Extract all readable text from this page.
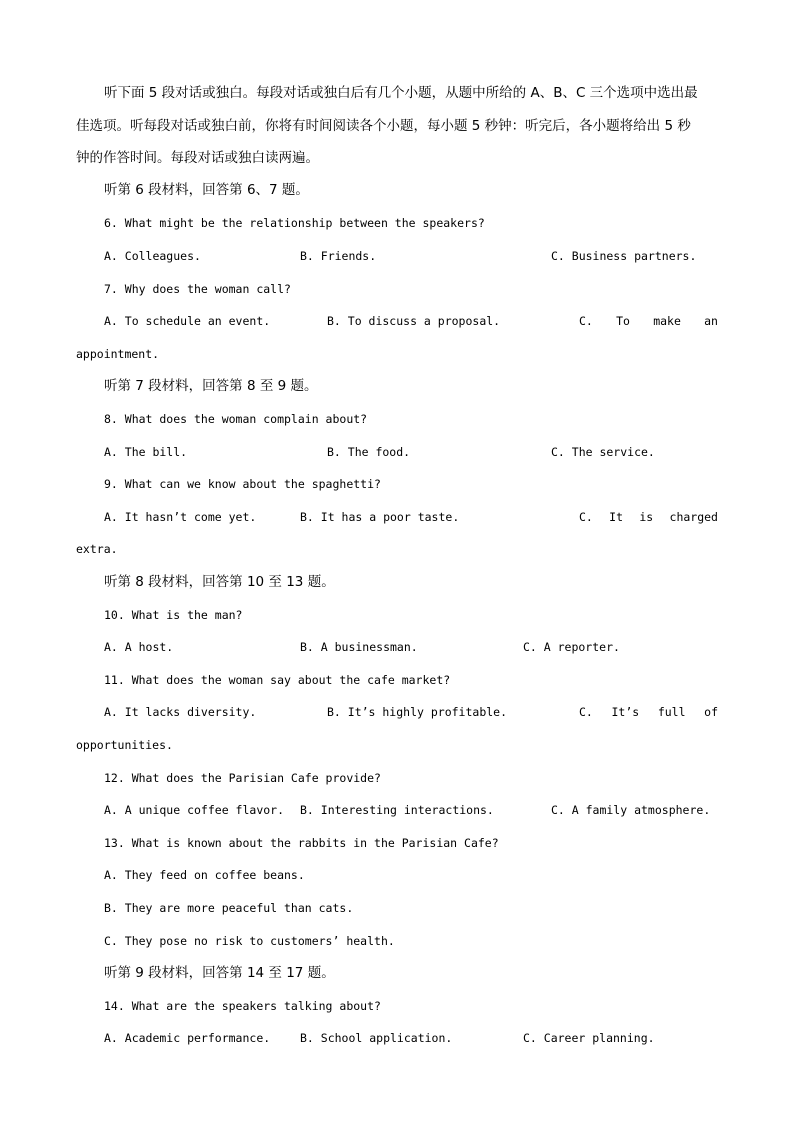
听下面 5 段对话或独白。每段对话或独白后有几个小题，从题中所给的 A、B、C 三个选项中选出最
佳选项。听每段对话或独白前，你将有时间阅读各个小题，每小题 5 秒钟：听完后，各小题将给出 5 秒
钟的作答时间。每段对话或独白读两遍。
听第 6 段材料，回答第 6、7 题。
6. What might be the relationship between the speakers?
A. Colleagues.	B. Friends.	C. Business partners.
7. Why does the woman call?
A. To schedule an event.	B. To discuss a proposal.	C. To make an
appointment.
听第 7 段材料，回答第 8 至 9 题。
8. What does the woman complain about?
A. The bill.	B. The food.	C. The service.
9. What can we know about the spaghetti?
A. It hasn’t come yet.	B. It has a poor taste.	C. It is charged
extra.
听第 8 段材料，回答第 10 至 13 题。
10. What is the man?
A. A host.	B. A businessman.	C. A reporter.
11. What does the woman say about the cafe market?
A. It lacks diversity.	B. It’s highly profitable.	C. It’s full of
opportunities.
12. What does the Parisian Cafe provide?
A. A unique coffee flavor. B. Interesting interactions.	C. A family atmosphere.
13. What is known about the rabbits in the Parisian Cafe?
A. They feed on coffee beans.
B. They are more peaceful than cats.
C. They pose no risk to customers’ health.
听第 9 段材料，回答第 14 至 17 题。
14. What are the speakers talking about?
A. Academic performance.	B. School application.	C. Career planning.
